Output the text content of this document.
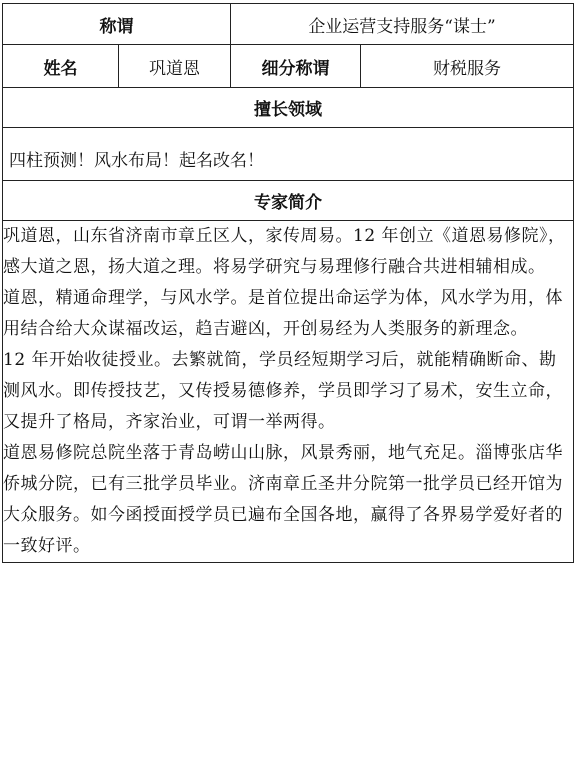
称谓		企业运营支持服务“谋士”	
姓名	巩道恩	细分称谓	财税服务
擅长领域			

四柱预测！风水布局！起名改名！			

专家简介			

巩道恩，山东省济南市章丘区人，家传周易。12 年创立《道恩易修院》，感大道之恩，扬大道之理。将易学研究与易理修行融合共进相辅相成。

道恩，精通命理学，与风水学。是首位提出命运学为体，风水学为用，体用结合给大众谋福改运，趋吉避凶，开创易经为人类服务的新理念。

12 年开始收徒授业。去繁就简，学员经短期学习后，就能精确断命、勘测风水。即传授技艺，又传授易德修养，学员即学习了易术，安生立命，又提升了格局，齐家治业，可谓一举两得。

道恩易修院总院坐落于青岛崂山山脉，风景秀丽，地气充足。淄博张店华侨城分院，已有三批学员毕业。济南章丘圣井分院第一批学员已经开馆为大众服务。如今函授面授学员已遍布全国各地，赢得了各界易学爱好者的一致好评。			
